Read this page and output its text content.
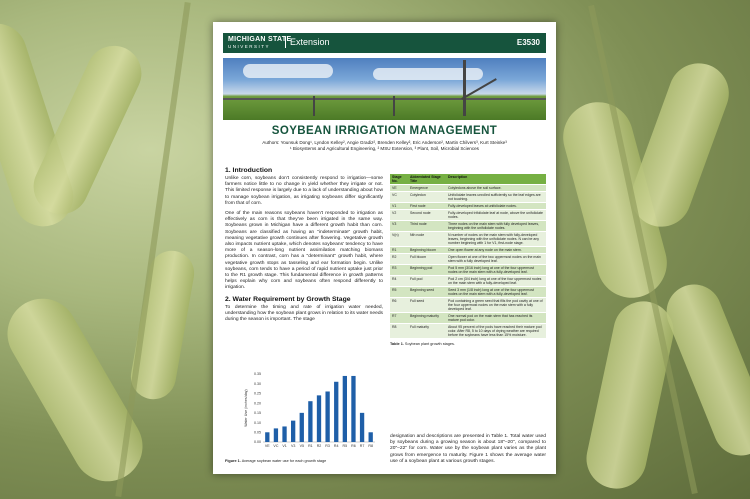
MICHIGAN STATE
UNIVERSITY	Extension	E3530
SOYBEAN IRRIGATION MANAGEMENT
Authors: Younsuk Dong¹, Lyndon Kelley², Angie Gradiz², Brenden Kelley², Eric Anderson², Martin Chilvers³, Kurt Steinke³
¹ Biosystems and Agricultural Engineering, ² MSU Extension, ³ Plant, Soil, Microbial Sciences
1. Introduction
Unlike corn, soybeans don't consistently respond to irrigation—some farmers notice little to no change in yield whether they irrigate or not. This limited response is largely due to a lack of understanding about how to manage soybean irrigation, as irrigating soybeans differ significantly from that of corn.
One of the main reasons soybeans haven't responded to irrigation as effectively as corn is that they've been irrigated in the same way. Soybeans grown in Michigan have a different growth habit than corn. Soybeans are classified as having an "indeterminate" growth habit, meaning vegetative growth continues after flowering. Vegetative growth also impacts nutrient uptake, which denotes soybeans' tendency to have more of a season-long nutrient assimilation matching biomass production. In contrast, corn has a "determinant" growth habit, where vegetative growth stops as tasseling and ear formation begin. Unlike soybeans, corn tends to have a period of rapid nutrient uptake just prior to the R1 growth stage. This fundamental difference in growth patterns helps explain why corn and soybeans often respond differently to irrigation.
2. Water Requirement by Growth Stage
To determine the timing and rate of irrigation water needed, understanding how the soybean plant grows in relation to its water needs during the season is important. The stage
0.00
0.05
0.10
0.15
0.20
0.25
0.30
0.35
Water Use (inches/day)
VE VC V1 V3 V5 R1 R2 R3 R4 R5 R6 R7 R8
Figure 1. Average soybean water use for each growth stage
Stage No.	Abbreviated Stage Title	Description
VE	Emergence	Cotyledons above the soil surface.
VC	Cotyledon	Unifoliolate leaves unrolled sufficiently so the leaf edges are not touching.
V1	First node	Fully-developed leaves at unifoliolate nodes.
V2	Second node	Fully-developed trifoliolate leaf at node, above the unifoliolate nodes.
V3	Third node	Three nodes on the main stem with fully developed leaves, beginning with the unifoliolate nodes.
V(n)	Nth node	N number of nodes on the main stem with fully-developed leaves, beginning with the unifoliolate nodes. N can be any number beginning with 1 for V1, first-node stage.
R1	Beginning bloom	One open flower at any node on the main stem.
R2	Full bloom	Open flower at one of the two uppermost nodes on the main stem with a fully developed leaf.
R3	Beginning pod	Pod 5 mm (3/16 inch) long at one of the four uppermost nodes on the main stem with a fully-developed leaf.
R4	Full pod	Pod 2 cm (3/4 inch) long at one of the four uppermost nodes on the main stem with a fully-developed leaf.
R5	Beginning seed	Seed 3 mm (1/8 inch) long at one of the four uppermost nodes on the main stem with a fully-developed leaf.
R6	Full seed	Pod containing a green seed that fills the pod cavity at one of the four uppermost nodes on the main stem with a fully developed leaf.
R7	Beginning maturity	One normal pod on the main stem that has reached its mature pod color.
R8	Full maturity	About 95 percent of the pods have reached their mature pod color. After R8, 5 to 10 days of drying weather are required before the soybeans have less than 15% moisture.
Table 1. Soybean plant growth stages.
designation and descriptions are presented in Table 1. Total water used by soybeans during a growing season is about 18"–20", compared to 20"–22" for corn. Water use by the soybean plant varies as the plant grows from emergence to maturity. Figure 1 shows the average water use of a soybean plant at various growth stages.
